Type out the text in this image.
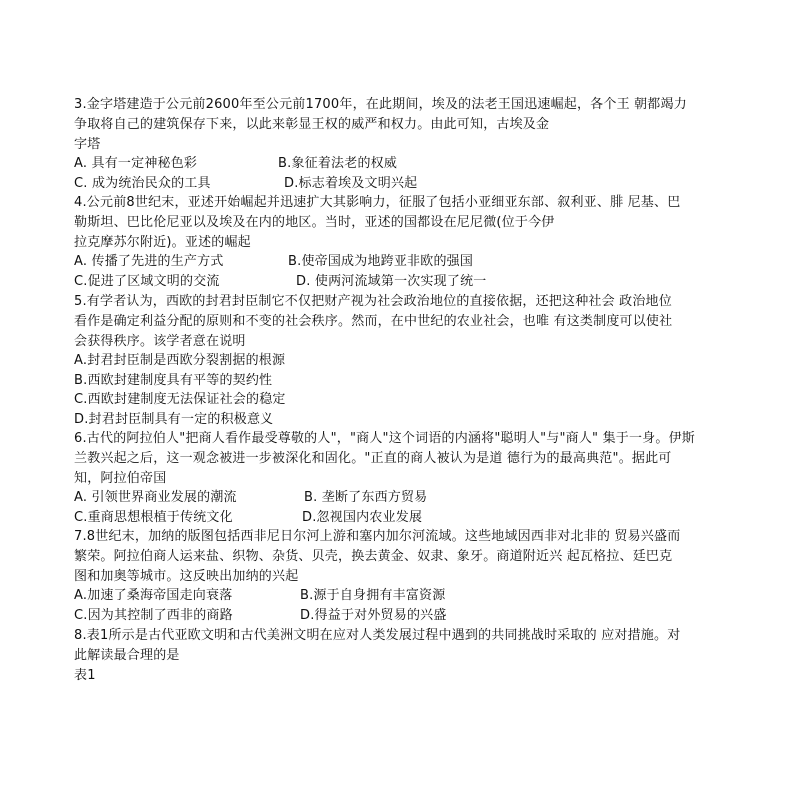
3.金字塔建造于公元前2600年至公元前1700年，在此期间，埃及的法老王国迅速崛起，各个王 朝都竭力
争取将自己的建筑保存下来，以此来彰显王权的威严和权力。由此可知，古埃及金
字塔
A. 具有一定神秘色彩	B.象征着法老的权威
C. 成为统治民众的工具	D.标志着埃及文明兴起
4.公元前8世纪末，亚述开始崛起并迅速扩大其影响力，征服了包括小亚细亚东部、叙利亚、腓 尼基、巴
勒斯坦、巴比伦尼亚以及埃及在内的地区。当时，亚述的国都设在尼尼微(位于今伊
拉克摩苏尔附近)。亚述的崛起
A. 传播了先进的生产方式	B.使帝国成为地跨亚非欧的强国
C.促进了区域文明的交流	D. 使两河流域第一次实现了统一
5.有学者认为，西欧的封君封臣制它不仅把财产视为社会政治地位的直接依据，还把这种社会 政治地位
看作是确定利益分配的原则和不变的社会秩序。然而，在中世纪的农业社会，也唯 有这类制度可以使社
会获得秩序。该学者意在说明
A.封君封臣制是西欧分裂割据的根源
B.西欧封建制度具有平等的契约性
C.西欧封建制度无法保证社会的稳定
D.封君封臣制具有一定的积极意义
6.古代的阿拉伯人"把商人看作最受尊敬的人"，"商人"这个词语的内涵将"聪明人"与"商人" 集于一身。伊斯
兰教兴起之后，这一观念被进一步被深化和固化。"正直的商人被认为是道 德行为的最高典范"。据此可
知，阿拉伯帝国
A. 引领世界商业发展的潮流	B. 垄断了东西方贸易
C.重商思想根植于传统文化	D.忽视国内农业发展
7.8世纪末，加纳的版图包括西非尼日尔河上游和塞内加尔河流域。这些地域因西非对北非的 贸易兴盛而
繁荣。阿拉伯商人运来盐、织物、杂货、贝壳，换去黄金、奴隶、象牙。商道附近兴 起瓦格拉、廷巴克
图和加奥等城市。这反映出加纳的兴起
A.加速了桑海帝国走向衰落	B.源于自身拥有丰富资源
C.因为其控制了西非的商路	D.得益于对外贸易的兴盛
8.表1所示是古代亚欧文明和古代美洲文明在应对人类发展过程中遇到的共同挑战时采取的 应对措施。对
此解读最合理的是
表1
